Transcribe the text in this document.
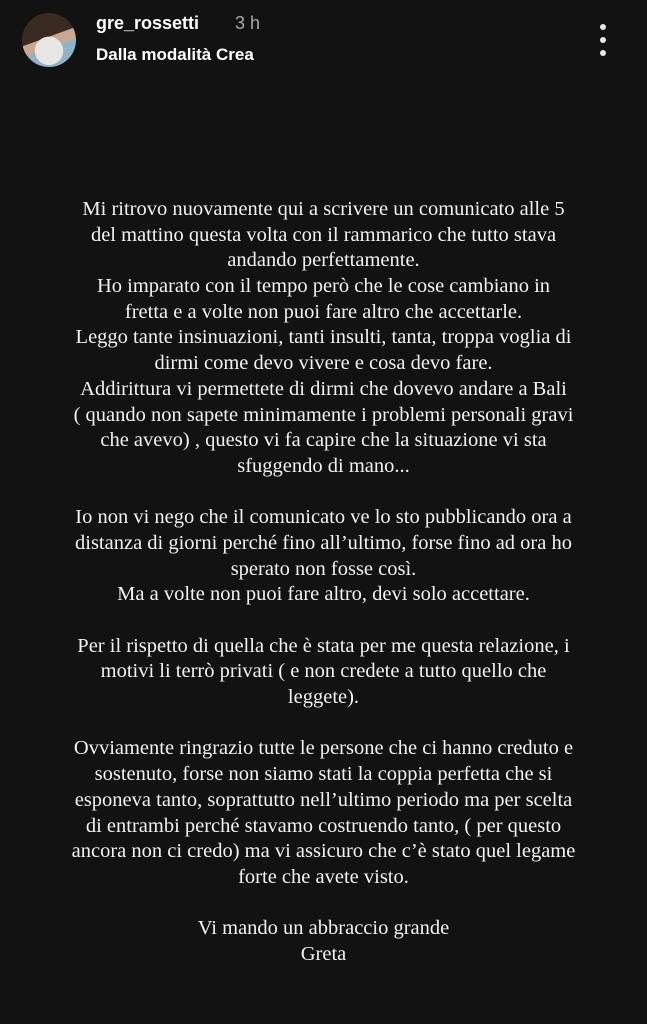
gre_rossetti 3 h
Dalla modalità Crea
Mi ritrovo nuovamente qui a scrivere un comunicato alle 5
del mattino questa volta con il rammarico che tutto stava
andando perfettamente.
Ho imparato con il tempo però che le cose cambiano in
fretta e a volte non puoi fare altro che accettarle.
Leggo tante insinuazioni, tanti insulti, tanta, troppa voglia di
dirmi come devo vivere e cosa devo fare.
Addirittura vi permettete di dirmi che dovevo andare a Bali
( quando non sapete minimamente i problemi personali gravi
che avevo) , questo vi fa capire che la situazione vi sta
sfuggendo di mano...
Io non vi nego che il comunicato ve lo sto pubblicando ora a
distanza di giorni perché fino all’ultimo, forse fino ad ora ho
sperato non fosse così.
Ma a volte non puoi fare altro, devi solo accettare.
Per il rispetto di quella che è stata per me questa relazione, i
motivi li terrò privati ( e non credete a tutto quello che
leggete).
Ovviamente ringrazio tutte le persone che ci hanno creduto e
sostenuto, forse non siamo stati la coppia perfetta che si
esponeva tanto, soprattutto nell’ultimo periodo ma per scelta
di entrambi perché stavamo costruendo tanto, ( per questo
ancora non ci credo) ma vi assicuro che c’è stato quel legame
forte che avete visto.
Vi mando un abbraccio grande
Greta
